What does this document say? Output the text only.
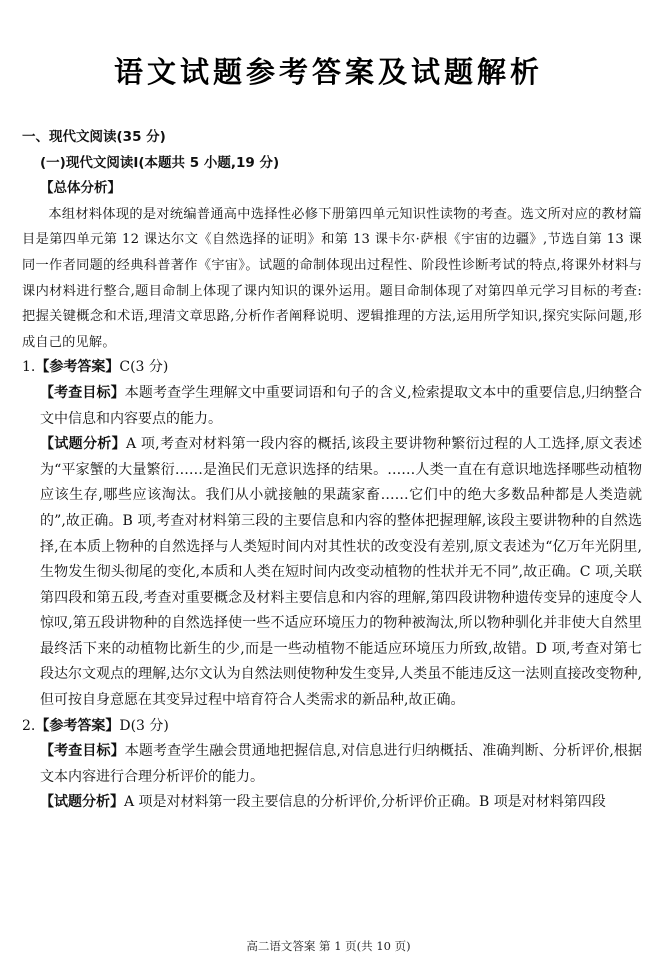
语文试题参考答案及试题解析

一、现代文阅读(35 分)

(一)现代文阅读Ⅰ(本题共 5 小题,19 分)

【总体分析】

本组材料体现的是对统编普通高中选择性必修下册第四单元知识性读物的考查。选文所对应的教材篇目是第四单元第 12 课达尔文《自然选择的证明》和第 13 课卡尔·萨根《宇宙的边疆》,节选自第 13 课同一作者同题的经典科普著作《宇宙》。试题的命制体现出过程性、阶段性诊断考试的特点,将课外材料与课内材料进行整合,题目命制上体现了课内知识的课外运用。题目命制体现了对第四单元学习目标的考查:把握关键概念和术语,理清文章思路,分析作者阐释说明、逻辑推理的方法,运用所学知识,探究实际问题,形成自己的见解。

1.【参考答案】C(3 分)

【考查目标】本题考查学生理解文中重要词语和句子的含义,检索提取文本中的重要信息,归纳整合文中信息和内容要点的能力。

【试题分析】A 项,考查对材料第一段内容的概括,该段主要讲物种繁衍过程的人工选择,原文表述为“平家蟹的大量繁衍……是渔民们无意识选择的结果。……人类一直在有意识地选择哪些动植物应该生存,哪些应该淘汰。我们从小就接触的果蔬家畜……它们中的绝大多数品种都是人类造就的”,故正确。B 项,考查对材料第三段的主要信息和内容的整体把握理解,该段主要讲物种的自然选择,在本质上物种的自然选择与人类短时间内对其性状的改变没有差别,原文表述为“亿万年光阴里,生物发生彻头彻尾的变化,本质和人类在短时间内改变动植物的性状并无不同”,故正确。C 项,关联第四段和第五段,考查对重要概念及材料主要信息和内容的理解,第四段讲物种遗传变异的速度令人惊叹,第五段讲物种的自然选择使一些不适应环境压力的物种被淘汰,所以物种驯化并非使大自然里最终活下来的动植物比新生的少,而是一些动植物不能适应环境压力所致,故错。D 项,考查对第七段达尔文观点的理解,达尔文认为自然法则使物种发生变异,人类虽不能违反这一法则直接改变物种,但可按自身意愿在其变异过程中培育符合人类需求的新品种,故正确。

2.【参考答案】D(3 分)

【考查目标】本题考查学生融会贯通地把握信息,对信息进行归纳概括、准确判断、分析评价,根据文本内容进行合理分析评价的能力。

【试题分析】A 项是对材料第一段主要信息的分析评价,分析评价正确。B 项是对材料第四段

高二语文答案 第 1 页(共 10 页)
